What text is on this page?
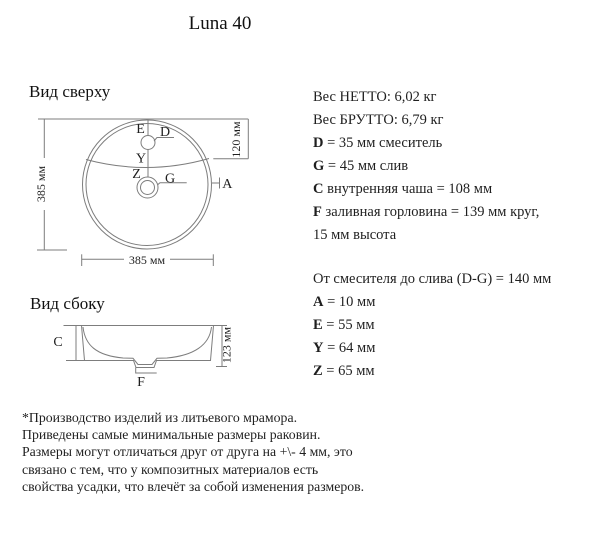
Luna 40
Вид сверху
E D
Y
Z G	A
385 мм
120 мм
385 мм
Вид сбоку
C
F
123 мм
Вес НЕТТО: 6,02 кг
Вес БРУТТО: 6,79 кг
D = 35 мм смеситель
G = 45 мм слив
C внутренняя чаша = 108 мм
F заливная горловина = 139 мм круг,
15 мм высота
От смесителя до слива (D-G) = 140 мм
A = 10 мм
E = 55 мм
Y = 64 мм
Z = 65 мм
*Производство изделий из литьевого мрамора.
Приведены самые минимальные размеры раковин.
Размеры могут отличаться друг от друга на +\- 4 мм, это
связано с тем, что у композитных материалов есть
свойства усадки, что влечёт за собой изменения размеров.
